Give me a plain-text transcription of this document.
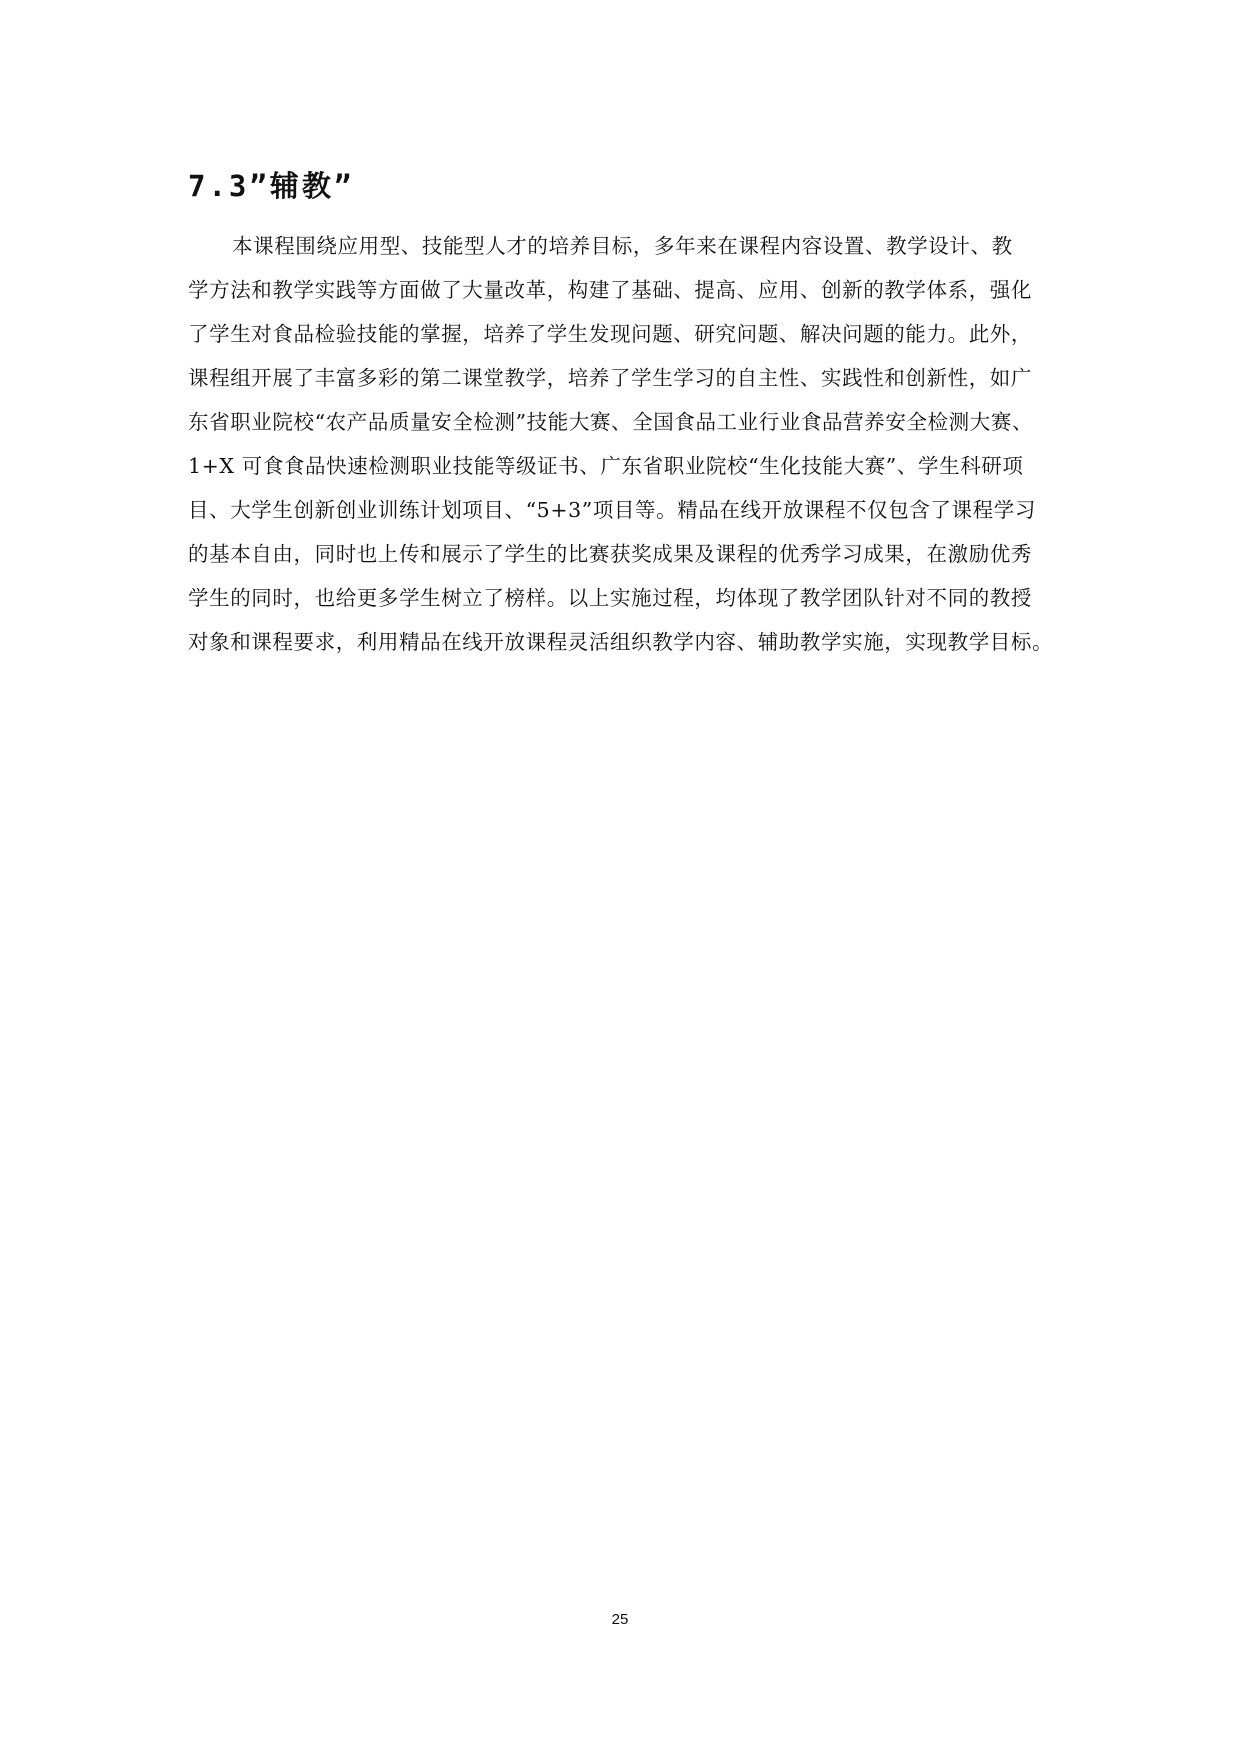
7.3”辅教”

本课程围绕应用型、技能型人才的培养目标，多年来在课程内容设置、教学设计、教
学方法和教学实践等方面做了大量改革，构建了基础、提高、应用、创新的教学体系，强化
了学生对食品检验技能的掌握，培养了学生发现问题、研究问题、解决问题的能力。此外，
课程组开展了丰富多彩的第二课堂教学，培养了学生学习的自主性、实践性和创新性，如广
东省职业院校“农产品质量安全检测”技能大赛、全国食品工业行业食品营养安全检测大赛、
1+X 可食食品快速检测职业技能等级证书、广东省职业院校“生化技能大赛”、学生科研项
目、大学生创新创业训练计划项目、“5+3”项目等。精品在线开放课程不仅包含了课程学习
的基本自由，同时也上传和展示了学生的比赛获奖成果及课程的优秀学习成果，在激励优秀
学生的同时，也给更多学生树立了榜样。以上实施过程，均体现了教学团队针对不同的教授
对象和课程要求，利用精品在线开放课程灵活组织教学内容、辅助教学实施，实现教学目标。

25
